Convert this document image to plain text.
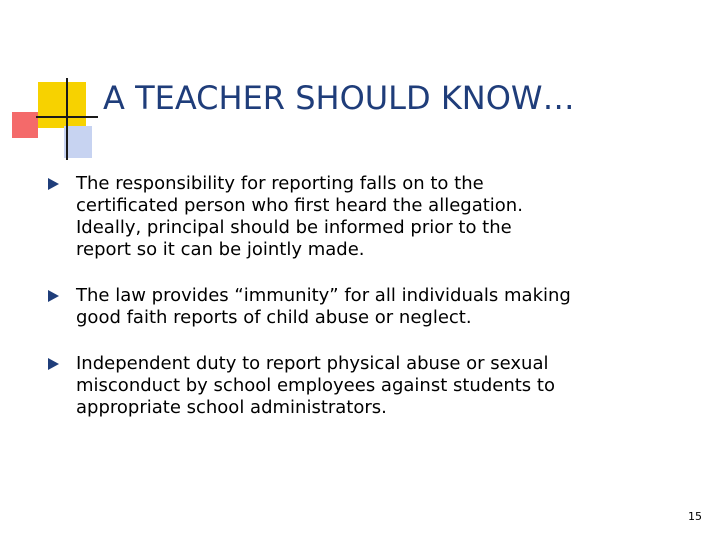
A TEACHER SHOULD KNOW…
The responsibility for reporting falls on to the
certificated person who first heard the allegation.
Ideally, principal should be informed prior to the
report so it can be jointly made.
The law provides “immunity” for all individuals making
good faith reports of child abuse or neglect.
Independent duty to report physical abuse or sexual
misconduct by school employees against students to
appropriate school administrators.
15
